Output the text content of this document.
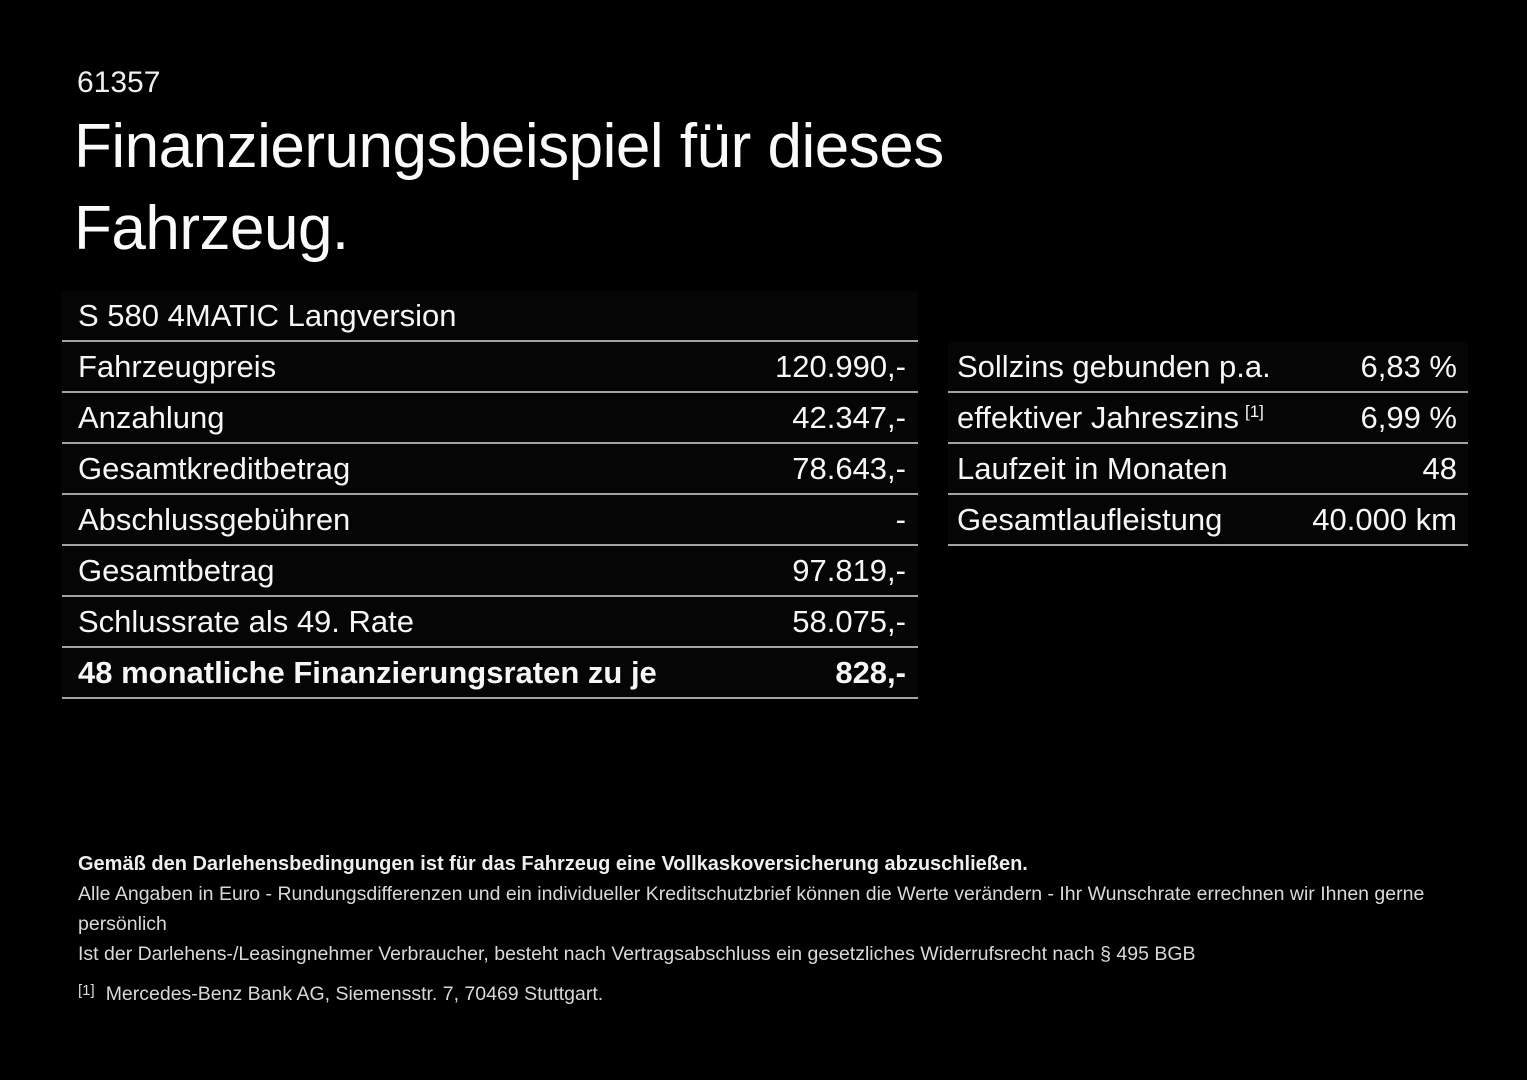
61357
Finanzierungsbeispiel für dieses Fahrzeug.
S 580 4MATIC Langversion
Fahrzeugpreis	120.990,-
Anzahlung	42.347,-
Gesamtkreditbetrag	78.643,-
Abschlussgebühren	-
Gesamtbetrag	97.819,-
Schlussrate als 49. Rate	58.075,-
48 monatliche Finanzierungsraten zu je	828,-
Sollzins gebunden p.a.	6,83 %
effektiver Jahreszins [1]	6,99 %
Laufzeit in Monaten	48
Gesamtlaufleistung	40.000 km

Gemäß den Darlehensbedingungen ist für das Fahrzeug eine Vollkaskoversicherung abzuschließen.

Alle Angaben in Euro - Rundungsdifferenzen und ein individueller Kreditschutzbrief können die Werte verändern - Ihr Wunschrate errechnen wir Ihnen gerne persönlich

Ist der Darlehens-/Leasingnehmer Verbraucher, besteht nach Vertragsabschluss ein gesetzliches Widerrufsrecht nach § 495 BGB

[1] Mercedes-Benz Bank AG, Siemensstr. 7, 70469 Stuttgart.
